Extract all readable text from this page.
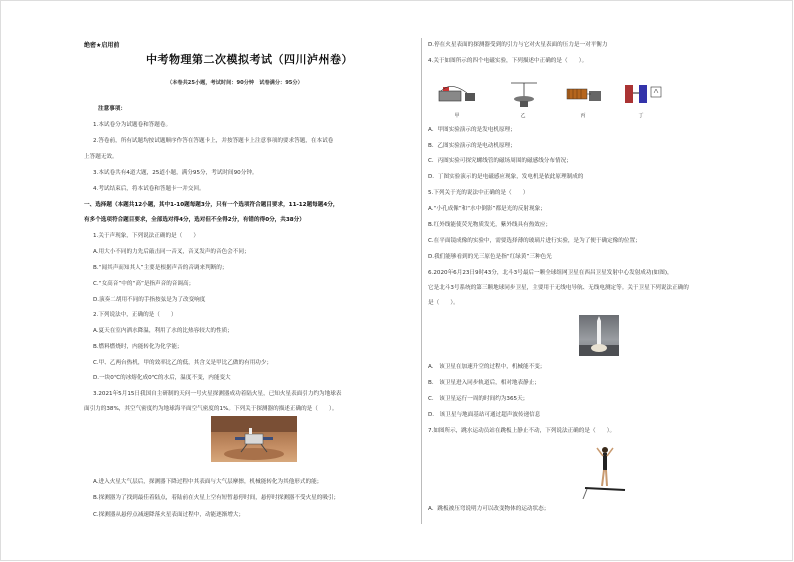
绝密★启用前
中考物理第二次模拟考试（四川泸州卷）
（本卷共25小题，考试时间：90分钟　试卷满分：95分）
注意事项：
1.本试卷分为试题卷和答题卷。
2.答卷前，所有试题均按试题顺序作答在答题卡上，并按答题卡上注意事项的要求答题，在本试卷
上答题无效。
3.本试卷共有4道大题，25道小题，满分95分，考试时间90分钟。
4.考试结束后，将本试卷和答题卡一并交回。
一、选择题（本题共12小题，其中1-10题每题3分，只有一个选项符合题目要求，11-12题每题4分，
有多个选项符合题目要求，全部选对得4分，选对但不全得2分，有错的得0分，共38分）
1.关于声现象，下列说法正确的是（　　）
A.用大小不同的力先后敲击同一音叉，音叉发声的音色会不同；
B.“闻其声而知其人”主要是根据声音的音调来判断的；
C.“女高音”中的“高”是指声音的音调高；
D.演奏二胡用不同的手指按弦是为了改变响度
2.下列说法中，正确的是（　　）
A.夏天在室内洒水降温，利用了水的比热容较大的性质；
B.燃料燃烧时，内能转化为化学能；
C.甲、乙两台热机，甲的效率比乙的低，其含义是甲比乙做的有用功少；
D.一块0℃的冰熔化成0℃的水后，温度不变，内能变大
3.2021年5月15日我国自主研制的天问一号火星探测器成功着陆火星，已知火星表面引力约为地球表
面引力的38%，其空气密度约为地球海平面空气密度的1%。下列关于探测器的描述正确的是（　　）。
A.进入火星大气层后，探测器下降过程中其表面与大气层摩擦，机械能转化为其他形式的能；
B.探测器为了找到最佳着陆点，着陆前在火星上空有短暂悬停时间，悬停时探测器不受火星的吸引；
C.探测器从悬停点减速降落火星表面过程中，动能逐渐增大；
D.停在火星表面的探测器受到的引力与它对火星表面的压力是一对平衡力
4.关于如图所示的四个电磁实验，下列描述中正确的是（　　）。
甲	乙	丙	丁
A．甲图实验演示的是发电机原理；
B．乙图实验演示的是电动机原理；
C．丙图实验可探究螺线管的磁场周围的磁感线分布情况；
D．丁图实验演示的是电磁感应现象，发电机是依此原理制成的
5.下列关于光的说法中正确的是（　　）
A.“小孔成像”和“水中倒影”都是光的反射现象；
B.红外线能使荧光物质发光，紫外线具有热效应；
C.在平面镜成像的实验中，需要选择薄的玻璃片进行实验，是为了便于确定像的位置；
D.我们能够看到的光三原色是指“红绿黄”三种色光
6.2020年6月23日9时43分，北斗3号最后一颗全球组网卫星在西昌卫星发射中心发射成功(如图)，
它是北斗3号系统的第三颗地球同步卫星，主要用于无线电导航、无线电测定等。关于卫星下列说法正确的
是（　　）。
A.　该卫星在加速升空的过程中，机械能不变；
B.　该卫星进入同步轨道后，相对地表静止；
C.　该卫星运行一周的时间约为365天；
D.　该卫星与地面基站可通过超声波传递信息
7.如图所示，跳水运动员站在跳板上静止不动，下列说法正确的是（　　）。
A．跳板被压弯说明力可以改变物体的运动状态；
